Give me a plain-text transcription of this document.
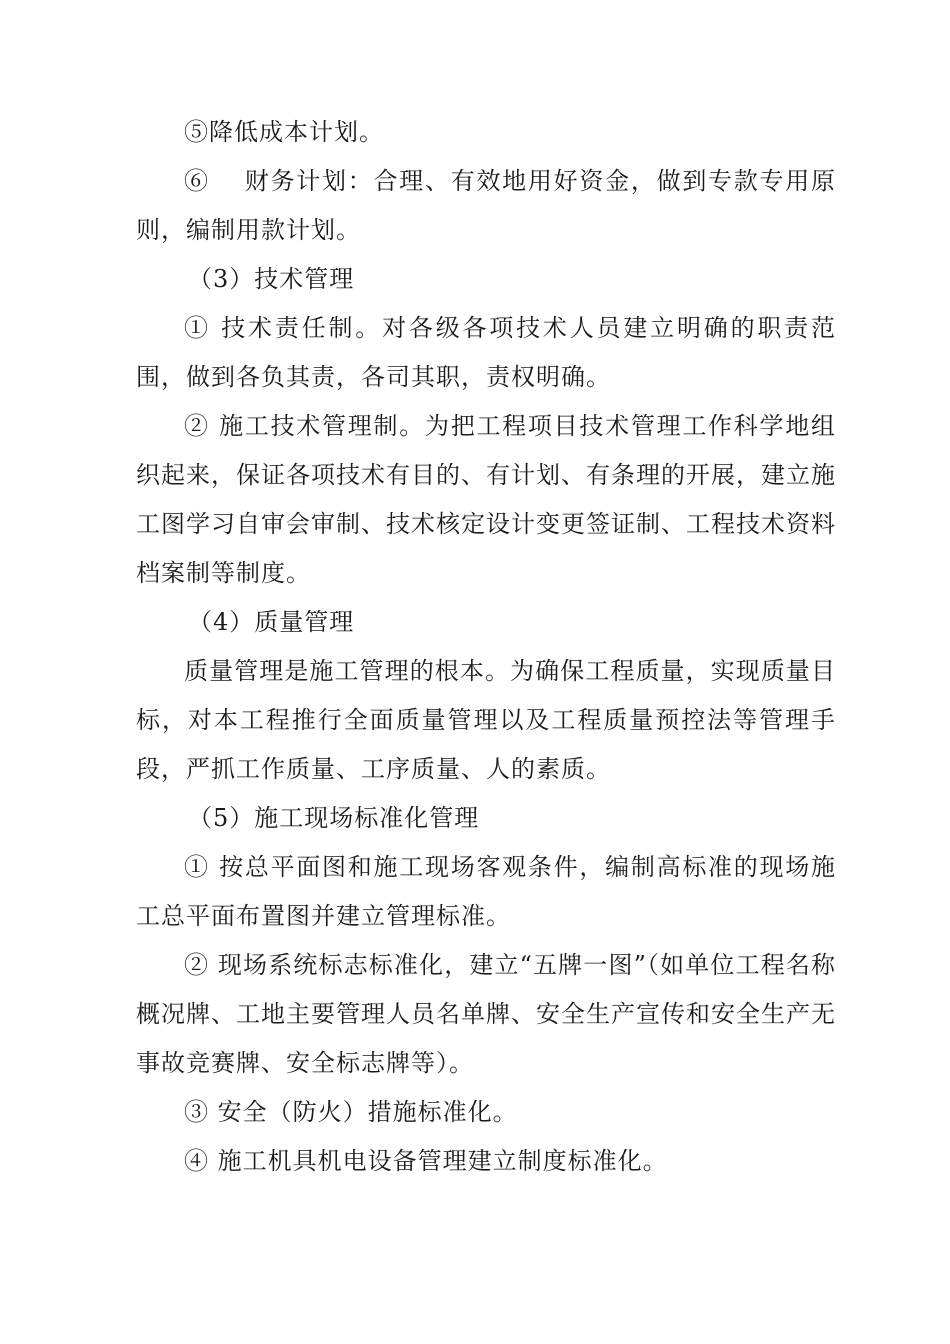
⑤降低成本计划。

⑥　 财务计划：合理、有效地用好资金，做到专款专用原则，编制用款计划。

（3）技术管理

① 技术责任制。对各级各项技术人员建立明确的职责范围，做到各负其责，各司其职，责权明确。

② 施工技术管理制。为把工程项目技术管理工作科学地组织起来，保证各项技术有目的、有计划、有条理的开展，建立施工图学习自审会审制、技术核定设计变更签证制、工程技术资料档案制等制度。

（4）质量管理

质量管理是施工管理的根本。为确保工程质量，实现质量目标，对本工程推行全面质量管理以及工程质量预控法等管理手段，严抓工作质量、工序质量、人的素质。

（5）施工现场标准化管理

① 按总平面图和施工现场客观条件，编制高标准的现场施工总平面布置图并建立管理标准。

② 现场系统标志标准化，建立“五牌一图”（如单位工程名称概况牌、工地主要管理人员名单牌、安全生产宣传和安全生产无事故竞赛牌、安全标志牌等）。

③ 安全（防火）措施标准化。

④ 施工机具机电设备管理建立制度标准化。
